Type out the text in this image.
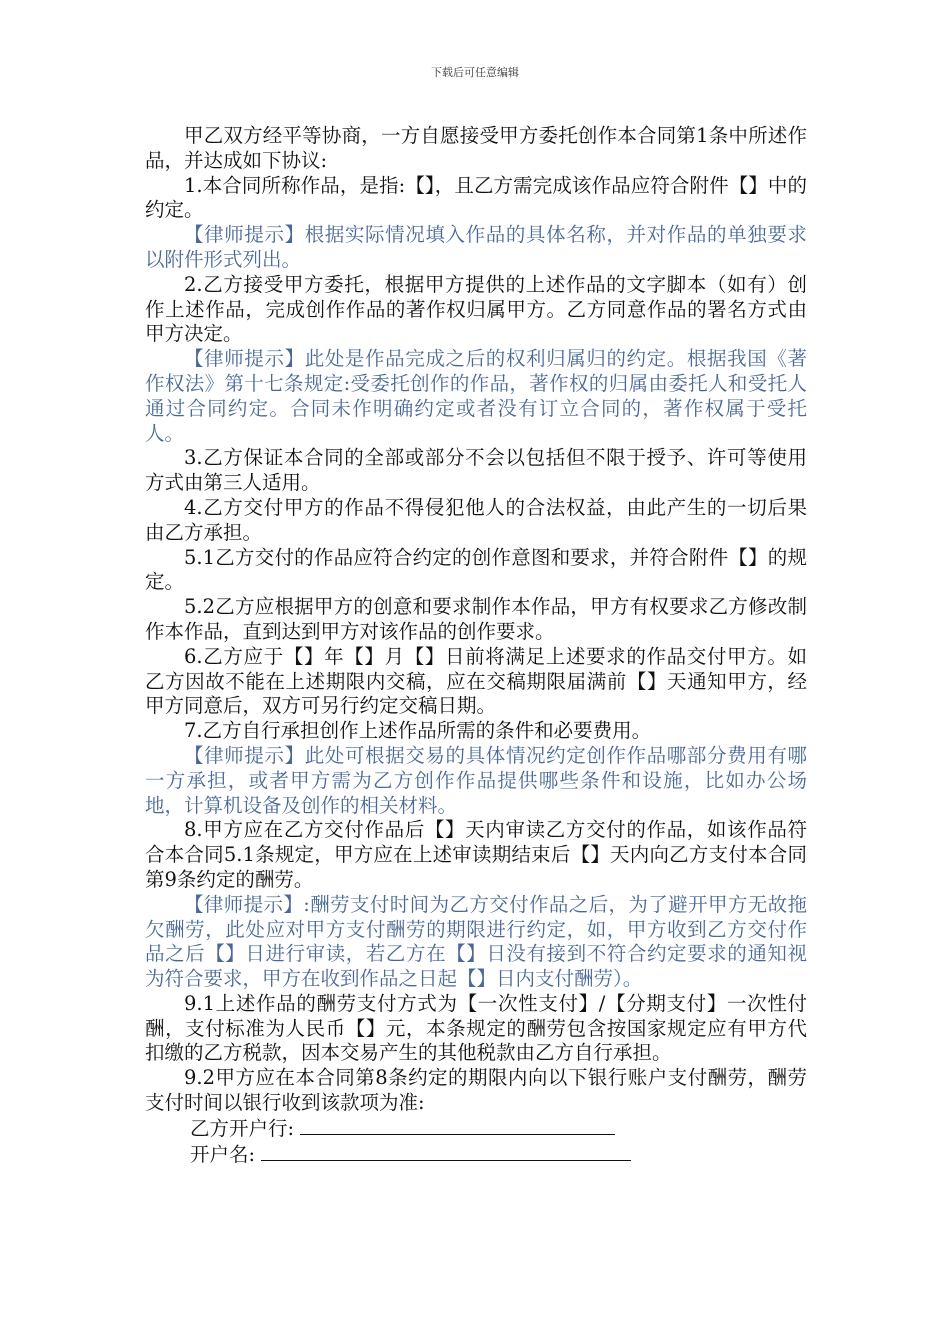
下载后可任意编辑

甲乙双方经平等协商，一方自愿接受甲方委托创作本合同第1条中所述作品，并达成如下协议:

1.本合同所称作品，是指:【】，且乙方需完成该作品应符合附件【】中的约定。

【律师提示】根据实际情况填入作品的具体名称，并对作品的单独要求以附件形式列出。

2.乙方接受甲方委托，根据甲方提供的上述作品的文字脚本（如有）创作上述作品，完成创作作品的著作权归属甲方。乙方同意作品的署名方式由甲方决定。

【律师提示】此处是作品完成之后的权利归属归的约定。根据我国《著作权法》第十七条规定:受委托创作的作品，著作权的归属由委托人和受托人通过合同约定。合同未作明确约定或者没有订立合同的，著作权属于受托人。

3.乙方保证本合同的全部或部分不会以包括但不限于授予、许可等使用方式由第三人适用。

4.乙方交付甲方的作品不得侵犯他人的合法权益，由此产生的一切后果由乙方承担。

5.1乙方交付的作品应符合约定的创作意图和要求，并符合附件【】的规定。

5.2乙方应根据甲方的创意和要求制作本作品，甲方有权要求乙方修改制作本作品，直到达到甲方对该作品的创作要求。

6.乙方应于【】年【】月【】日前将满足上述要求的作品交付甲方。如乙方因故不能在上述期限内交稿，应在交稿期限届满前【】天通知甲方，经甲方同意后，双方可另行约定交稿日期。

7.乙方自行承担创作上述作品所需的条件和必要费用。

【律师提示】此处可根据交易的具体情况约定创作作品哪部分费用有哪一方承担，或者甲方需为乙方创作作品提供哪些条件和设施，比如办公场地，计算机设备及创作的相关材料。

8.甲方应在乙方交付作品后【】天内审读乙方交付的作品，如该作品符合本合同5.1条规定，甲方应在上述审读期结束后【】天内向乙方支付本合同第9条约定的酬劳。

【律师提示】:酬劳支付时间为乙方交付作品之后，为了避开甲方无故拖欠酬劳，此处应对甲方支付酬劳的期限进行约定，如，甲方收到乙方交付作品之后【】日进行审读，若乙方在【】日没有接到不符合约定要求的通知视为符合要求，甲方在收到作品之日起【】日内支付酬劳）。

9.1上述作品的酬劳支付方式为【一次性支付】/【分期支付】一次性付酬，支付标准为人民币【】元，本条规定的酬劳包含按国家规定应有甲方代扣缴的乙方税款，因本交易产生的其他税款由乙方自行承担。

9.2甲方应在本合同第8条约定的期限内向以下银行账户支付酬劳，酬劳支付时间以银行收到该款项为准:

乙方开户行:
开户名:
